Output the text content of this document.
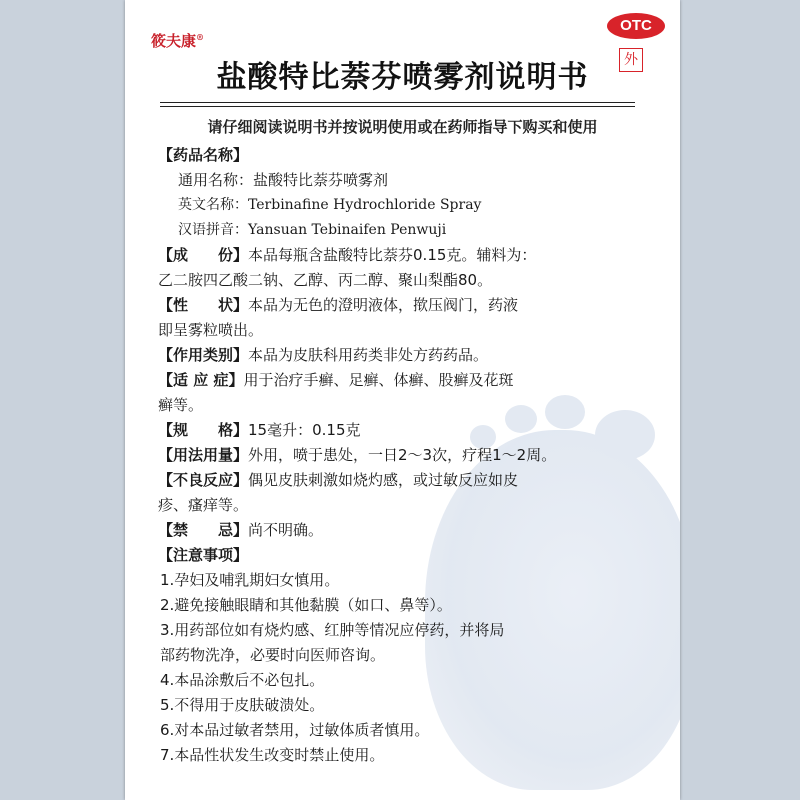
筱夫康®
OTC
外
盐酸特比萘芬喷雾剂说明书
请仔细阅读说明书并按说明使用或在药师指导下购买和使用
【药品名称】
通用名称：盐酸特比萘芬喷雾剂
英文名称：Terbinafine Hydrochloride Spray
汉语拼音：Yansuan Tebinaifen Penwuji
【成　　份】本品每瓶含盐酸特比萘芬0.15克。辅料为：
乙二胺四乙酸二钠、乙醇、丙二醇、聚山梨酯80。
【性　　状】本品为无色的澄明液体，揿压阀门，药液
即呈雾粒喷出。
【作用类别】本品为皮肤科用药类非处方药药品。
【适 应 症】用于治疗手癣、足癣、体癣、股癣及花斑
癣等。
【规　　格】15毫升：0.15克
【用法用量】外用，喷于患处，一日2～3次，疗程1～2周。
【不良反应】偶见皮肤刺激如烧灼感，或过敏反应如皮
疹、瘙痒等。
【禁　　忌】尚不明确。
【注意事项】
1.孕妇及哺乳期妇女慎用。
2.避免接触眼睛和其他黏膜（如口、鼻等）。
3.用药部位如有烧灼感、红肿等情况应停药，并将局
部药物洗净，必要时向医师咨询。
4.本品涂敷后不必包扎。
5.不得用于皮肤破溃处。
6.对本品过敏者禁用，过敏体质者慎用。
7.本品性状发生改变时禁止使用。
